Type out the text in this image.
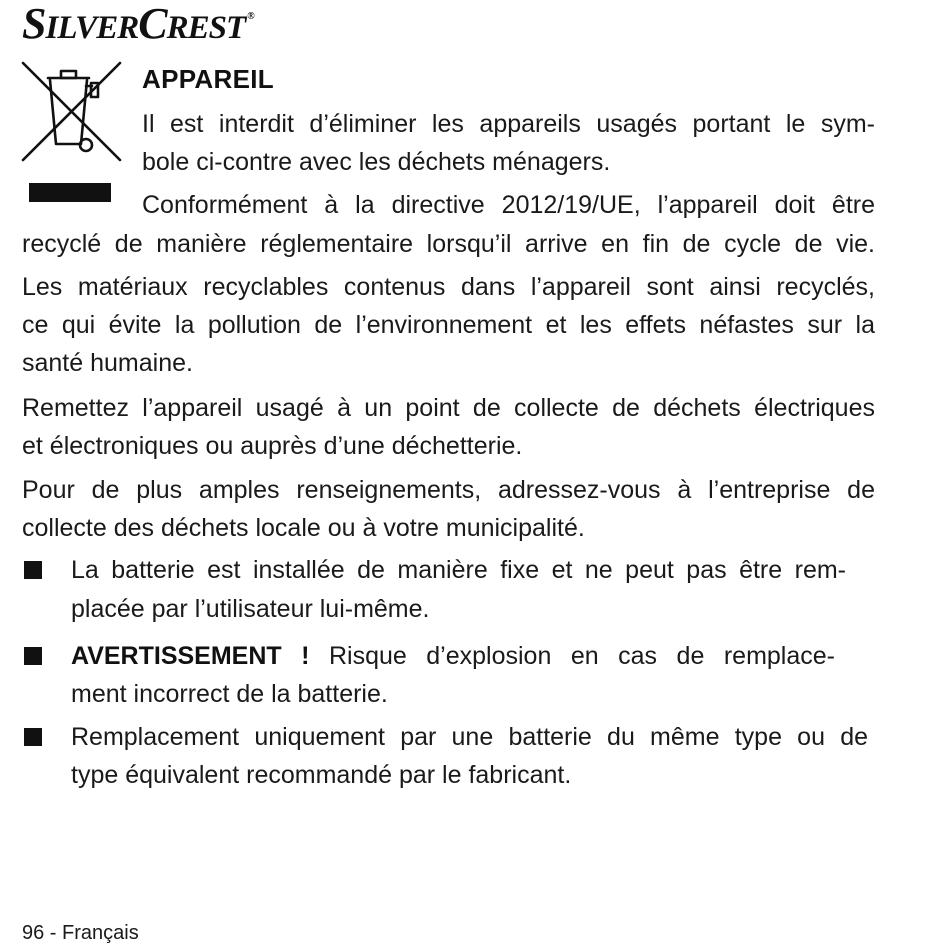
SILVERCREST ®
APPAREIL

Il est interdit d’éliminer les appareils usagés portant le sym-

bole ci-contre avec les déchets ménagers.

Conformément à la directive 2012/19/UE, l’appareil doit être

recyclé de manière réglementaire lorsqu’il arrive en fin de cycle de vie.

Les matériaux recyclables contenus dans l’appareil sont ainsi recyclés,

ce qui évite la pollution de l’environnement et les effets néfastes sur la

santé humaine.

Remettez l’appareil usagé à un point de collecte de déchets électriques

et électroniques ou auprès d’une déchetterie.

Pour de plus amples renseignements, adressez-vous à l’entreprise de

collecte des déchets locale ou à votre municipalité.

La batterie est installée de manière fixe et ne peut pas être rem-

placée par l’utilisateur lui-même.

AVERTISSEMENT ! Risque d’explosion en cas de remplace-

ment incorrect de la batterie.

Remplacement uniquement par une batterie du même type ou de

type équivalent recommandé par le fabricant.

96 - Français
